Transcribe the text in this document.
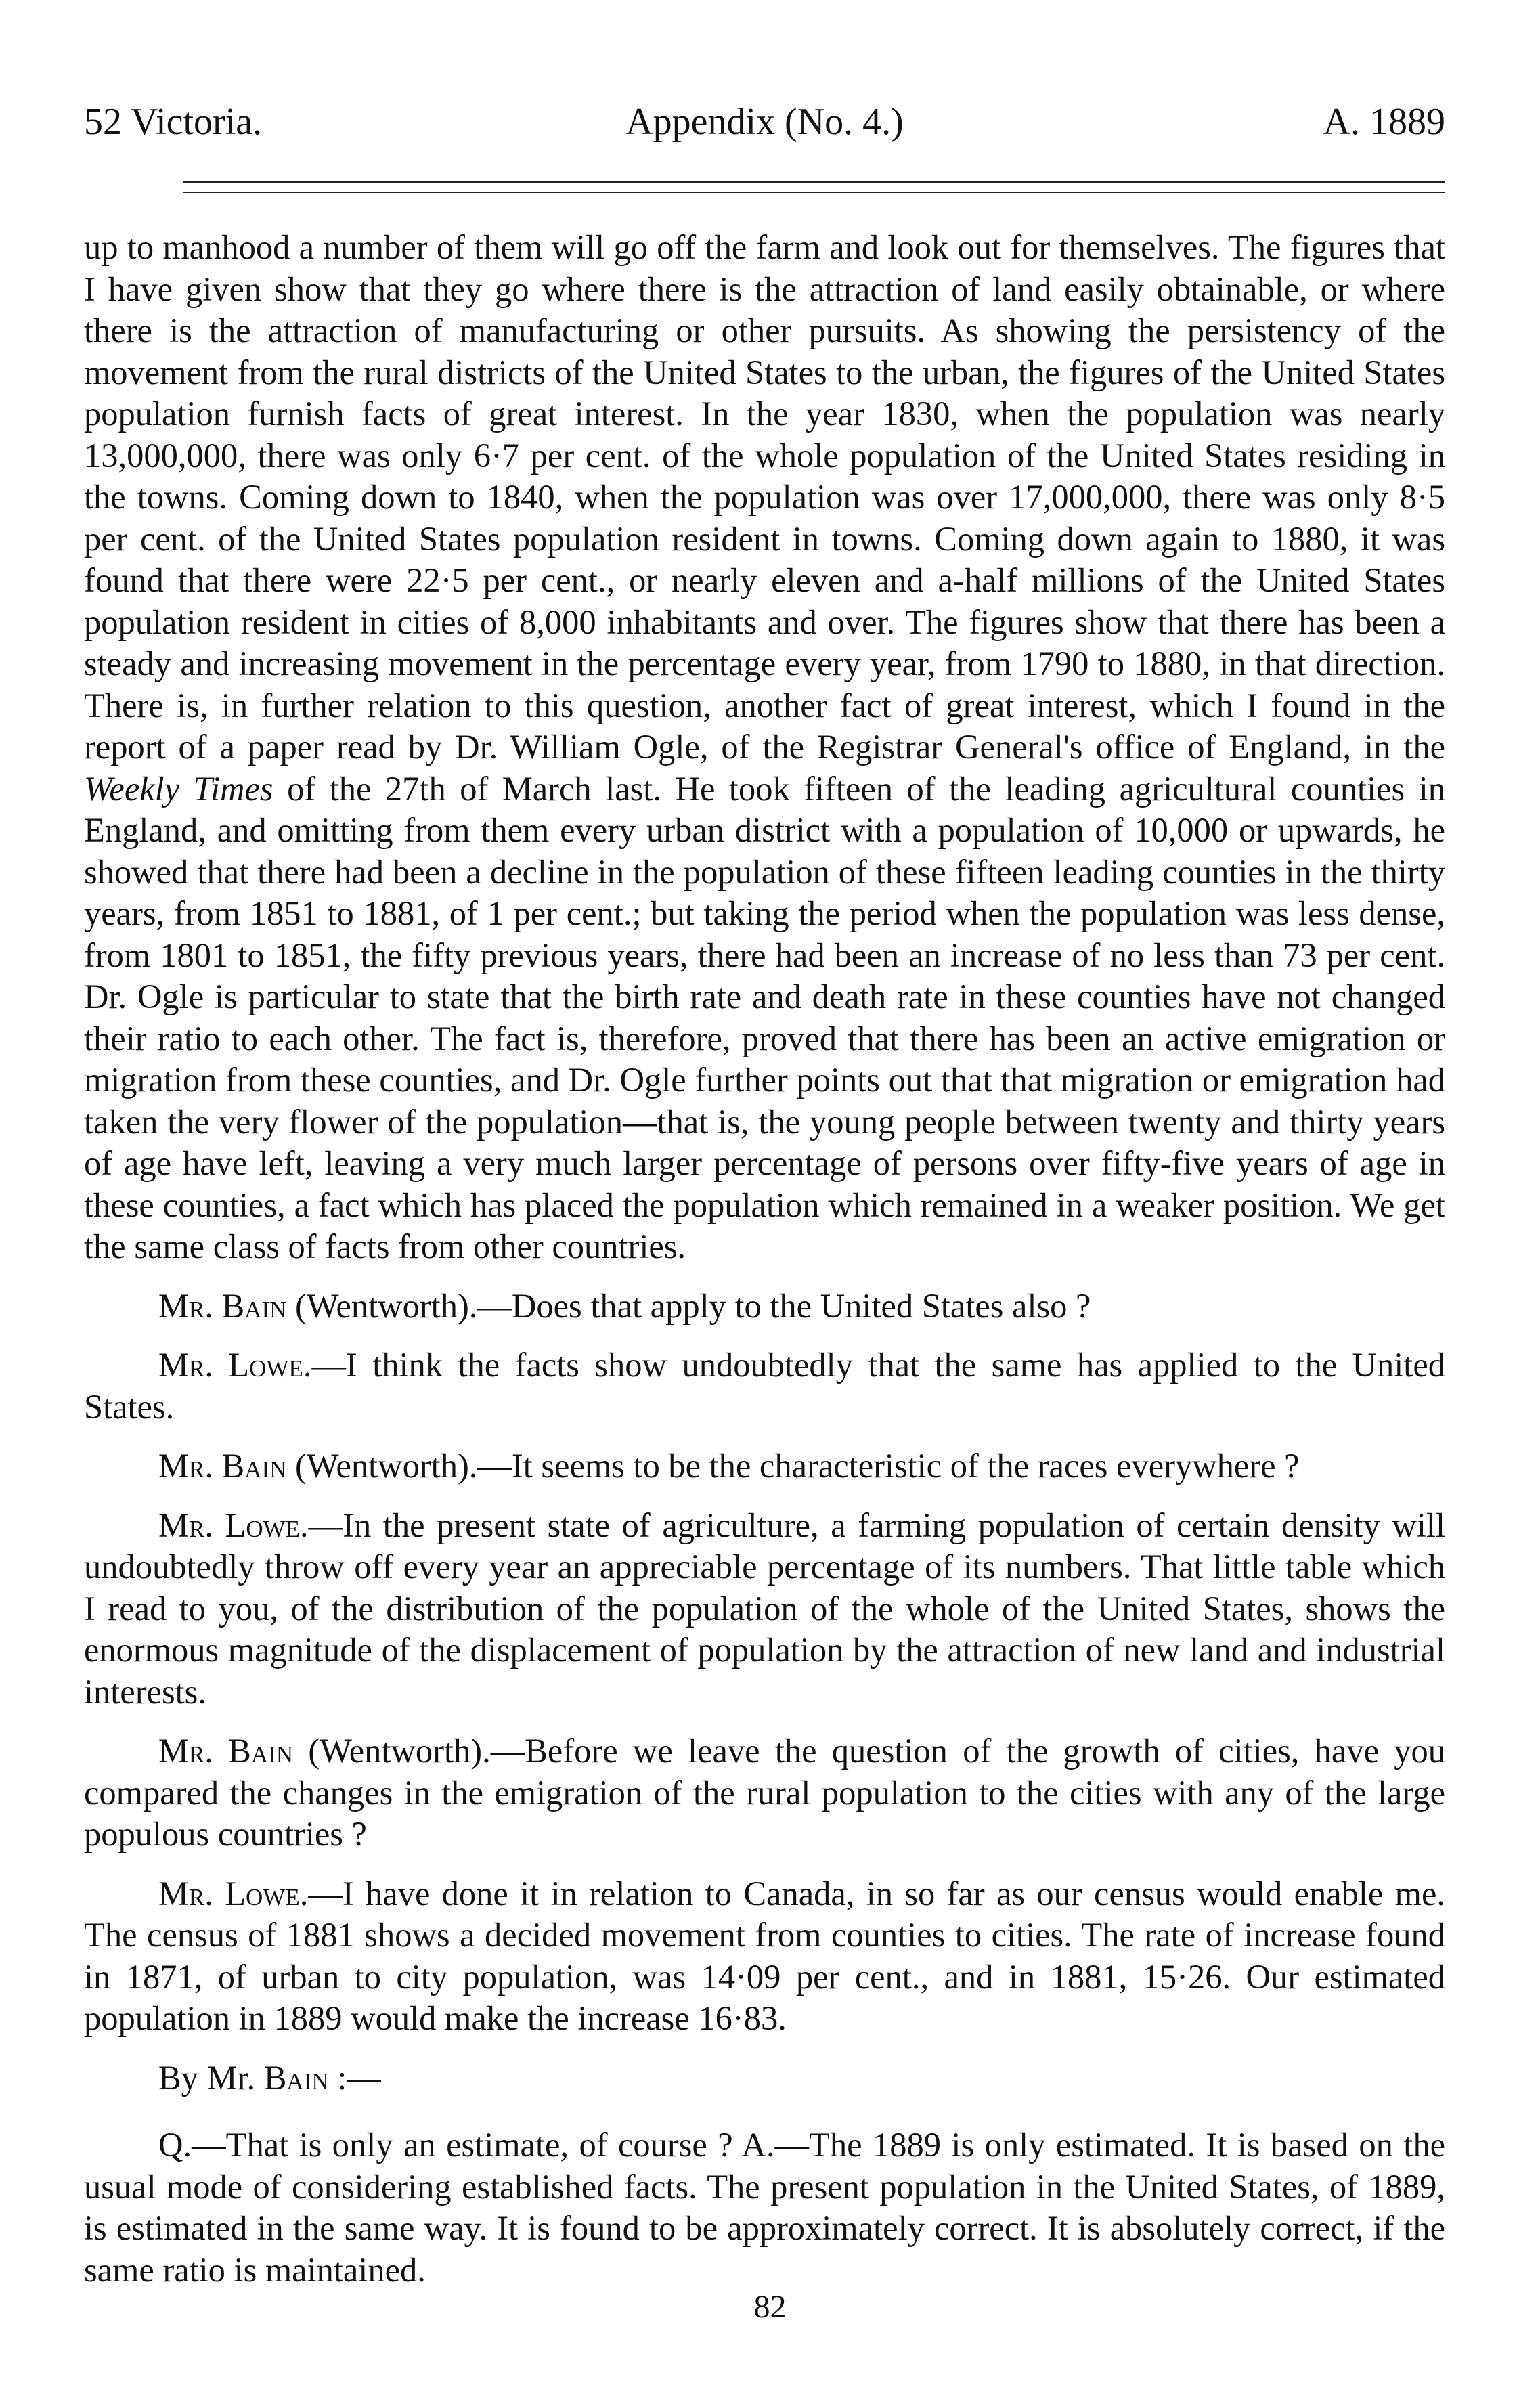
52 Victoria.	Appendix (No. 4.)	A. 1889

up to manhood a number of them will go off the farm and look out for themselves. The figures that I have given show that they go where there is the attraction of land easily obtainable, or where there is the attraction of manufacturing or other pursuits. As showing the persistency of the movement from the rural districts of the United States to the urban, the figures of the United States population furnish facts of great interest. In the year 1830, when the population was nearly 13,000,000, there was only 6·7 per cent. of the whole population of the United States residing in the towns. Coming down to 1840, when the population was over 17,000,000, there was only 8·5 per cent. of the United States population resident in towns. Coming down again to 1880, it was found that there were 22·5 per cent., or nearly eleven and a-half millions of the United States population resident in cities of 8,000 inhabitants and over. The figures show that there has been a steady and increasing movement in the percentage every year, from 1790 to 1880, in that direction. There is, in further relation to this question, another fact of great interest, which I found in the report of a paper read by Dr. William Ogle, of the Registrar General's office of England, in the Weekly Times of the 27th of March last. He took fifteen of the leading agricultural counties in England, and omitting from them every urban district with a population of 10,000 or upwards, he showed that there had been a decline in the population of these fifteen leading counties in the thirty years, from 1851 to 1881, of 1 per cent.; but taking the period when the population was less dense, from 1801 to 1851, the fifty previous years, there had been an increase of no less than 73 per cent. Dr. Ogle is particular to state that the birth rate and death rate in these counties have not changed their ratio to each other. The fact is, therefore, proved that there has been an active emigration or migration from these counties, and Dr. Ogle further points out that that migration or emigration had taken the very flower of the population—that is, the young people between twenty and thirty years of age have left, leaving a very much larger percentage of persons over fifty-five years of age in these counties, a fact which has placed the population which remained in a weaker position. We get the same class of facts from other countries.

Mr. Bain (Wentworth).—Does that apply to the United States also ?

Mr. Lowe.—I think the facts show undoubtedly that the same has applied to the United States.

Mr. Bain (Wentworth).—It seems to be the characteristic of the races everywhere ?

Mr. Lowe.—In the present state of agriculture, a farming population of certain density will undoubtedly throw off every year an appreciable percentage of its numbers. That little table which I read to you, of the distribution of the population of the whole of the United States, shows the enormous magnitude of the displacement of population by the attraction of new land and industrial interests.

Mr. Bain (Wentworth).—Before we leave the question of the growth of cities, have you compared the changes in the emigration of the rural population to the cities with any of the large populous countries ?

Mr. Lowe.—I have done it in relation to Canada, in so far as our census would enable me. The census of 1881 shows a decided movement from counties to cities. The rate of increase found in 1871, of urban to city population, was 14·09 per cent., and in 1881, 15·26. Our estimated population in 1889 would make the increase 16·83.

By Mr. Bain :—

Q.—That is only an estimate, of course ? A.—The 1889 is only estimated. It is based on the usual mode of considering established facts. The present population in the United States, of 1889, is estimated in the same way. It is found to be approximately correct. It is absolutely correct, if the same ratio is maintained.

82
